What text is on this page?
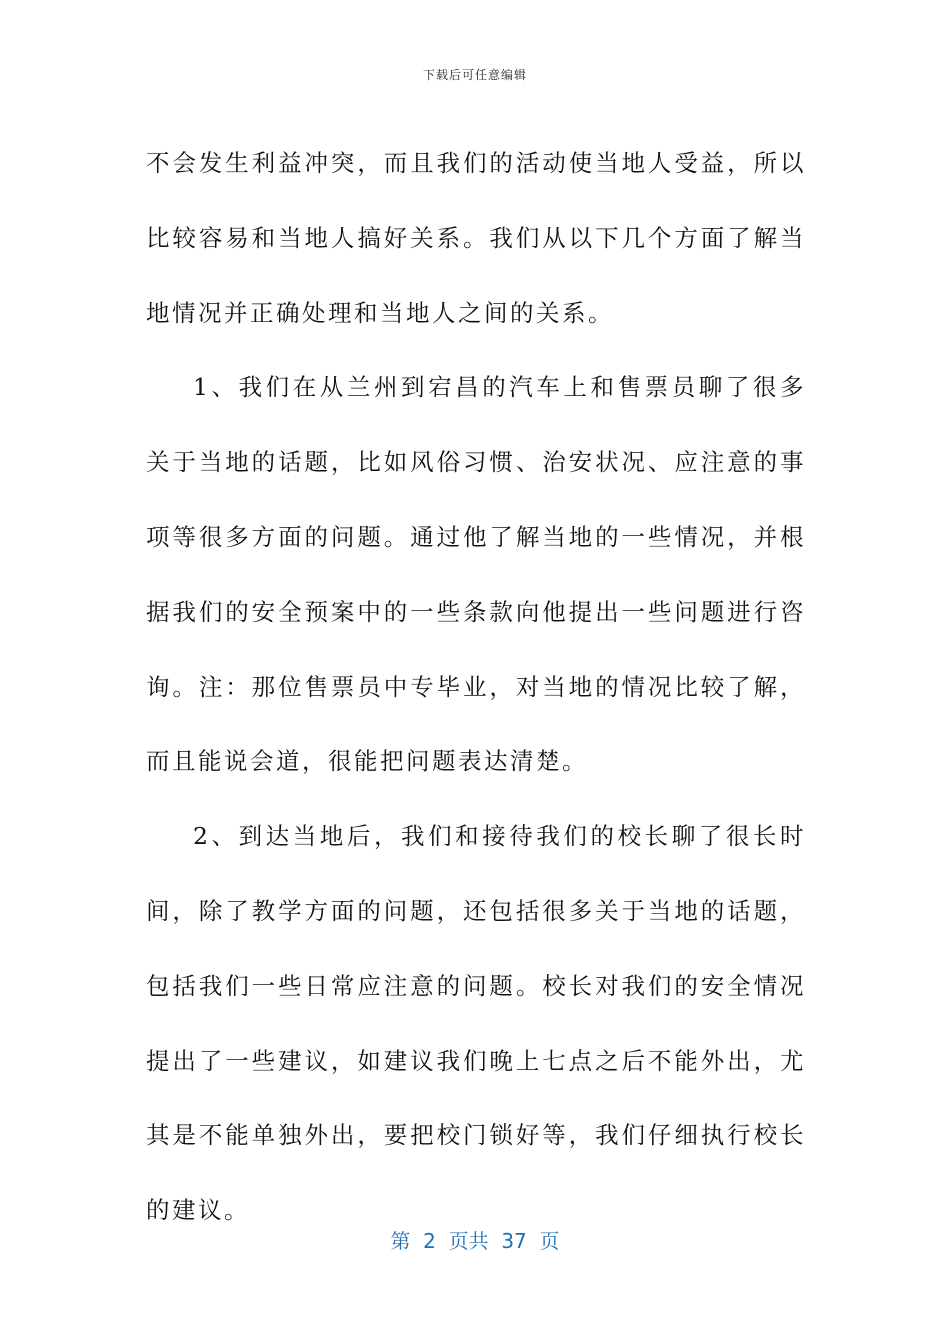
下载后可任意编辑

不会发生利益冲突，而且我们的活动使当地人受益，所以比较容易和当地人搞好关系。我们从以下几个方面了解当地情况并正确处理和当地人之间的关系。

1、我们在从兰州到宕昌的汽车上和售票员聊了很多关于当地的话题，比如风俗习惯、治安状况、应注意的事项等很多方面的问题。通过他了解当地的一些情况，并根据我们的安全预案中的一些条款向他提出一些问题进行咨询。注：那位售票员中专毕业，对当地的情况比较了解，而且能说会道，很能把问题表达清楚。

2、到达当地后，我们和接待我们的校长聊了很长时间，除了教学方面的问题，还包括很多关于当地的话题，包括我们一些日常应注意的问题。校长对我们的安全情况提出了一些建议，如建议我们晚上七点之后不能外出，尤其是不能单独外出，要把校门锁好等，我们仔细执行校长的建议。

第  2  页共  37  页
